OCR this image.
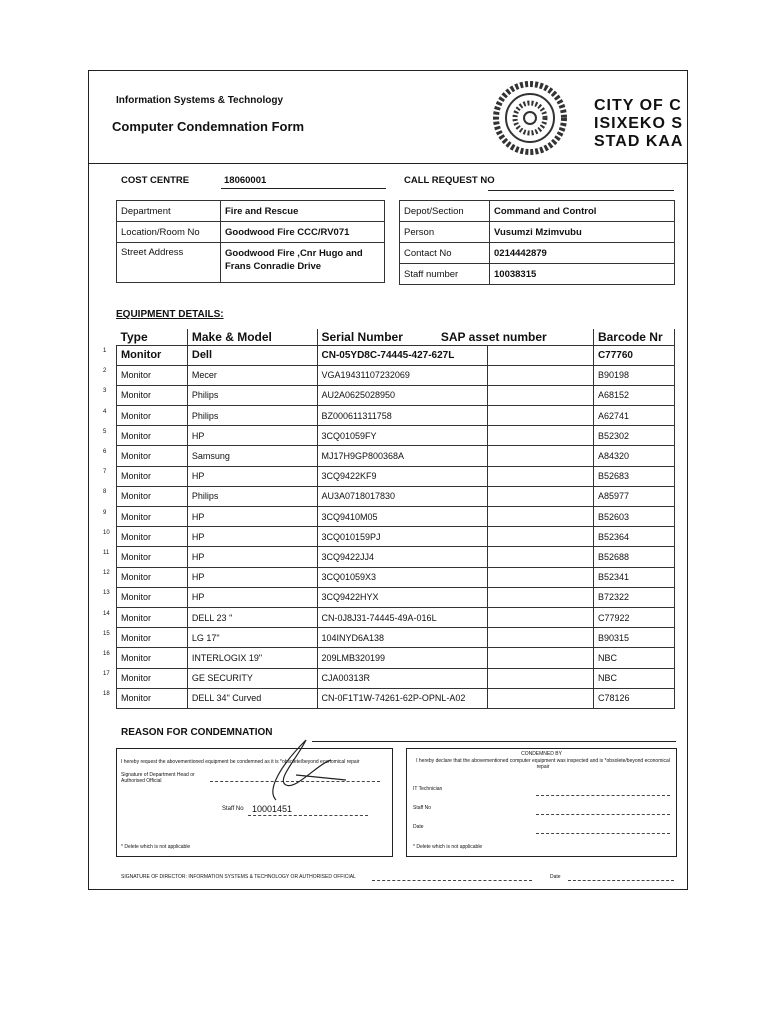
Information Systems & Technology
Computer Condemnation Form
CITY OF C
ISIXEKO S
STAD KAA
COST CENTRE	18060001	CALL REQUEST NO
Department	Fire and Rescue
Location/Room No	Goodwood Fire CCC/RV071
Street Address	Goodwood Fire ,Cnr Hugo and Frans Conradie Drive
Depot/Section	Command and Control
Person	Vusumzi Mzimvubu
Contact No	0214442879
Staff number	10038315
EQUIPMENT DETAILS:
Type	Make & Model	Serial Number SAP asset number		Barcode Nr
Monitor	Dell	CN-05YD8C-74445-427-627L		C77760
Monitor	Mecer	VGA19431107232069		B90198
Monitor	Philips	AU2A0625028950		A68152
Monitor	Philips	BZ000611311758		A62741
Monitor	HP	3CQ01059FY		B52302
Monitor	Samsung	MJ17H9GP800368A		A84320
Monitor	HP	3CQ9422KF9		B52683
Monitor	Philips	AU3A0718017830		A85977
Monitor	HP	3CQ9410M05		B52603
Monitor	HP	3CQ010159PJ		B52364
Monitor	HP	3CQ9422JJ4		B52688
Monitor	HP	3CQ01059X3		B52341
Monitor	HP	3CQ9422HYX		B72322
Monitor	DELL 23 "	CN-0J8J31-74445-49A-016L		C77922
Monitor	LG 17"	104INYD6A138		B90315
Monitor	INTERLOGIX 19"	209LMB320199		NBC
Monitor	GE SECURITY	CJA00313R		NBC
Monitor	DELL 34" Curved	CN-0F1T1W-74261-62P-OPNL-A02		C78126
1
2
3
4
5
6
7
8
9
10
11
12
13
14
15
16
17
18
REASON FOR CONDEMNATION
I hereby request the abovementioned equipment be condemned as it is *obsolete/beyond economical repair
Signature of Department Head or Authorised Official
Staff No 10001451
* Delete which is not applicable
CONDEMNED BY
I hereby declare that the abovementioned computer equipment was inspected and is *obsolete/beyond economical repair
IT Technician
Staff No
Date
* Delete which is not applicable
SIGNATURE OF DIRECTOR: INFORMATION SYSTEMS & TECHNOLOGY OR AUTHORISED OFFICIAL	Date
